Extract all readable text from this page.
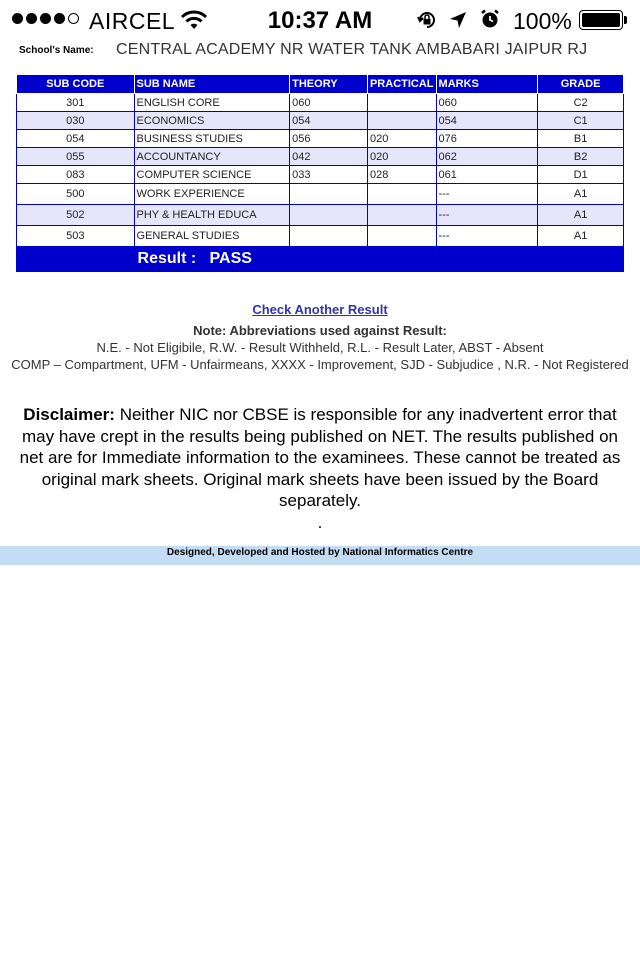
AIRCEL	10:37 AM	100%
School's Name: CENTRAL ACADEMY NR WATER TANK AMBABARI JAIPUR RJ
SUB CODE	SUB NAME	THEORY	PRACTICAL	MARKS	GRADE
301	ENGLISH CORE	060		060	C2
030	ECONOMICS	054		054	C1
054	BUSINESS STUDIES	056	020	076	B1
055	ACCOUNTANCY	042	020	062	B2
083	COMPUTER SCIENCE	033	028	061	D1
500	WORK EXPERIENCE			---	A1
502	PHY & HEALTH EDUCA			---	A1
503	GENERAL STUDIES			---	A1
	Result :   PASS				
Check Another Result
Note: Abbreviations used against Result:
N.E. - Not Eligibile, R.W. - Result Withheld, R.L. - Result Later, ABST - Absent
COMP – Compartment, UFM - Unfairmeans, XXXX - Improvement, SJD - Subjudice , N.R. - Not Registered
Disclaimer: Neither NIC nor CBSE is responsible for any inadvertent error that may have crept in the results being published on NET. The results published on net are for Immediate information to the examinees. These cannot be treated as original mark sheets. Original mark sheets have been issued by the Board separately.
.
Designed, Developed and Hosted by National Informatics Centre
